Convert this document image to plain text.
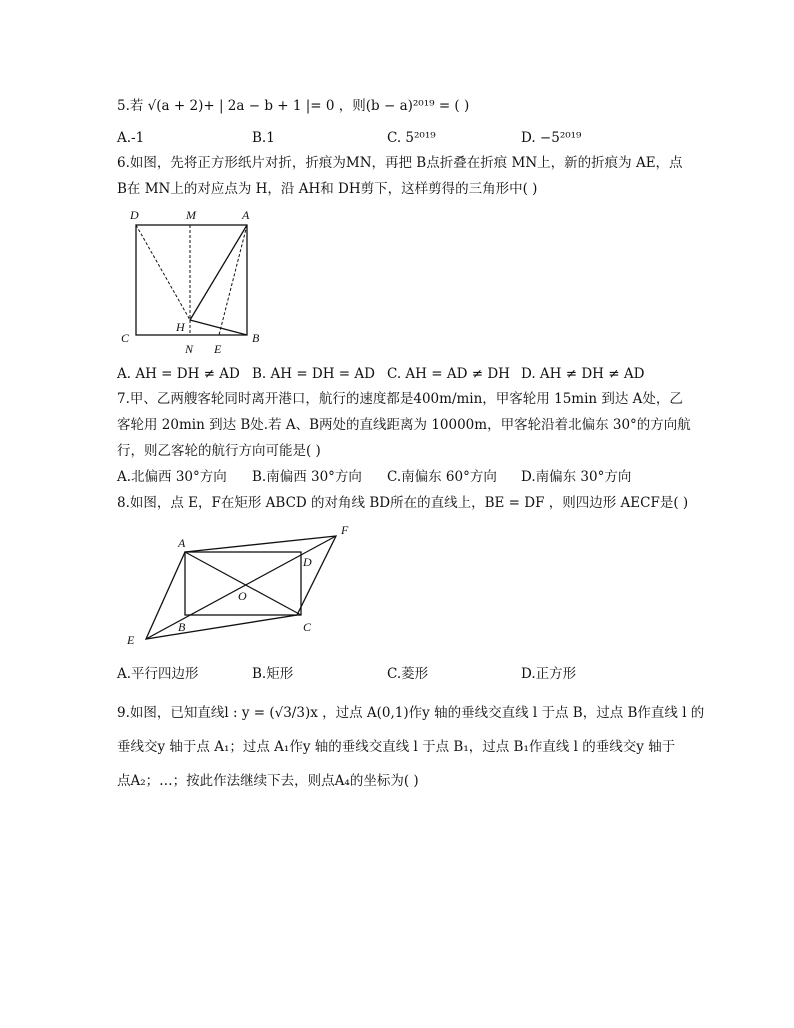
5.若 √(a + 2)+ | 2a − b + 1 |= 0 ，则(b − a)²⁰¹⁹ = ( )
A.-1	B.1	C. 5²⁰¹⁹	D. −5²⁰¹⁹
6.如图，先将正方形纸片对折，折痕为MN，再把 B点折叠在折痕 MN上，新的折痕为 AE，点
B在 MN上的对应点为 H，沿 AH和 DH剪下，这样剪得的三角形中( )
D	M	A
H
B
C
N E
A. AH = DH ≠ AD B. AH = DH = AD C. AH = AD ≠ DH D. AH ≠ DH ≠ AD
7.甲、乙两艘客轮同时离开港口，航行的速度都是400m/min，甲客轮用 15min 到达 A处，乙
客轮用 20min 到达 B处.若 A、B两处的直线距离为 10000m，甲客轮沿着北偏东 30°的方向航
行，则乙客轮的航行方向可能是( )
A.北偏西 30°方向 B.南偏西 30°方向 C.南偏东 60°方向 D.南偏东 30°方向
8.如图，点 E，F在矩形 ABCD 的对角线 BD所在的直线上，BE = DF ，则四边形 AECF是( )
A
F
D
O
B	C
E
A.平行四边形	B.矩形	C.菱形	D.正方形
9.如图，已知直线l : y = (√3/3)x ，过点 A(0,1)作y 轴的垂线交直线 l 于点 B，过点 B作直线 l 的
垂线交y 轴于点 A₁；过点 A₁作y 轴的垂线交直线 l 于点 B₁，过点 B₁作直线 l 的垂线交y 轴于
点A₂；…；按此作法继续下去，则点A₄的坐标为( )
